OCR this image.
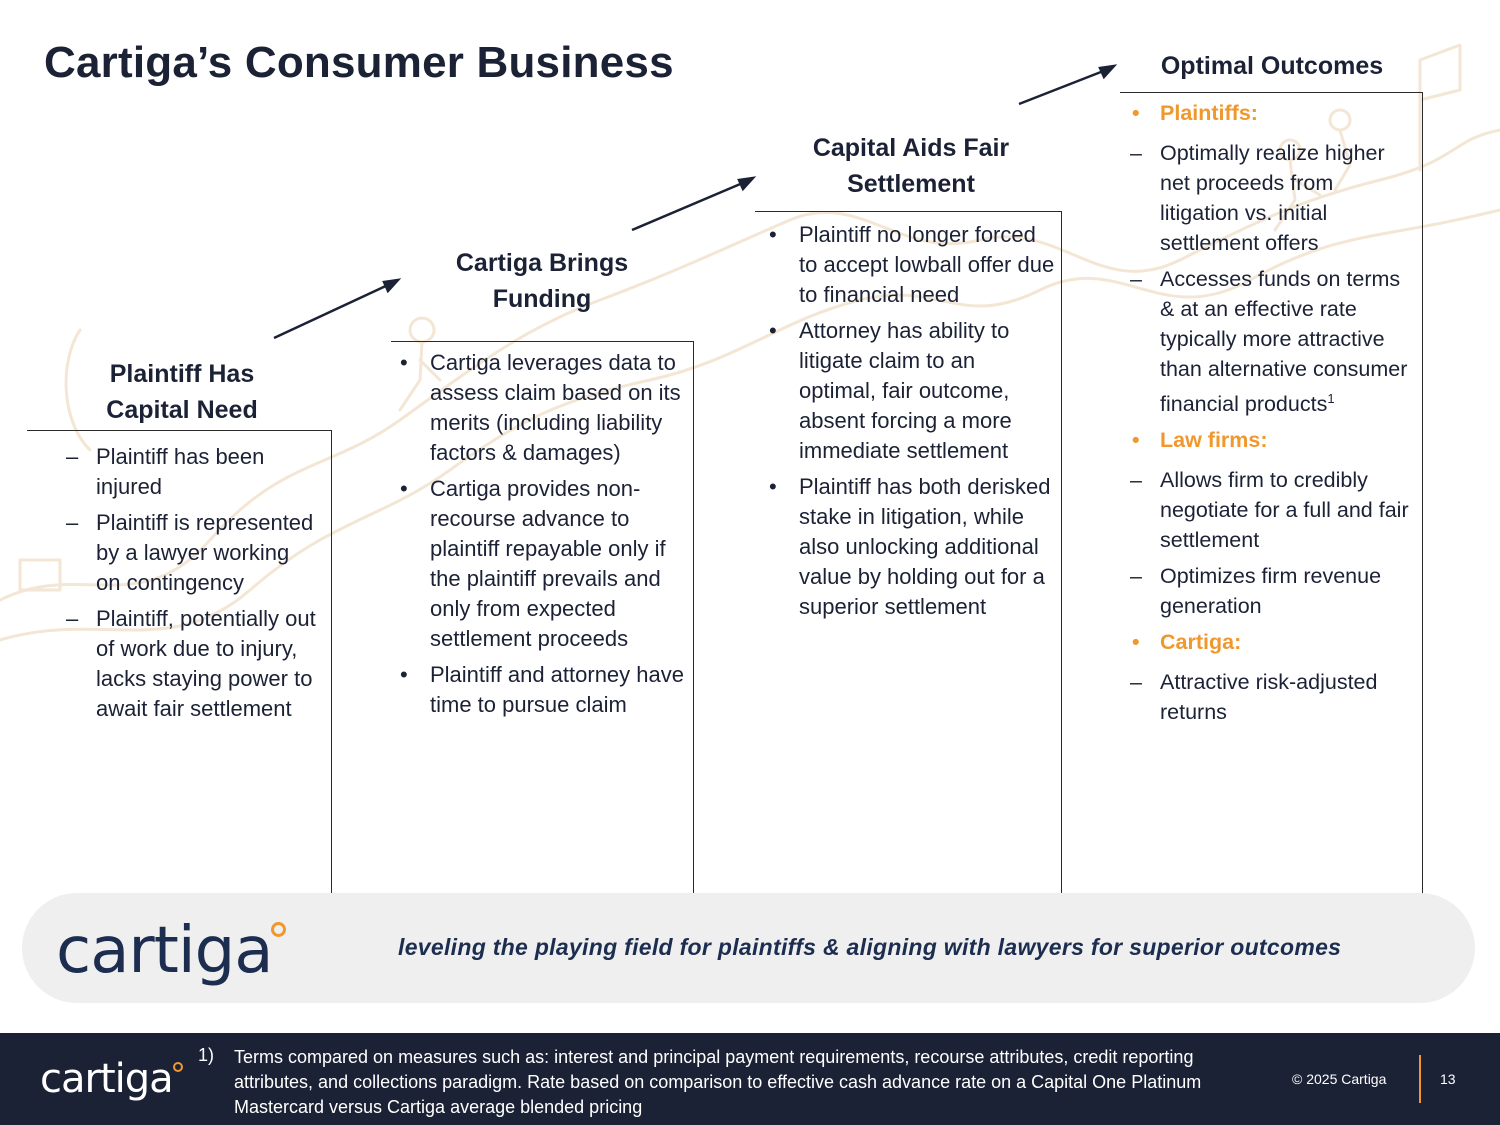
Cartiga’s Consumer Business
Plaintiff Has
Capital Need
– Plaintiff has been injured
– Plaintiff is represented by a lawyer working on contingency
– Plaintiff, potentially out of work due to injury, lacks staying power to await fair settlement
Cartiga Brings
Funding
• Cartiga leverages data to assess claim based on its merits (including liability factors & damages)
• Cartiga provides non-recourse advance to plaintiff repayable only if the plaintiff prevails and only from expected settlement proceeds
• Plaintiff and attorney have time to pursue claim
Capital Aids Fair
Settlement
• Plaintiff no longer forced to accept lowball offer due to financial need
• Attorney has ability to litigate claim to an optimal, fair outcome, absent forcing a more immediate settlement
• Plaintiff has both derisked stake in litigation, while also unlocking additional value by holding out for a superior settlement
Optimal Outcomes
• Plaintiffs:
– Optimally realize higher net proceeds from litigation vs. initial settlement offers
– Accesses funds on terms & at an effective rate typically more attractive than alternative consumer financial products$^1$
• Law firms:
– Allows firm to credibly negotiate for a full and fair settlement
– Optimizes firm revenue generation
• Cartiga:
– Attractive risk-adjusted returns
cartiga	leveling the playing field for plaintiffs & aligning with lawyers for superior outcomes
cartiga
1) Terms compared on measures such as: interest and principal payment requirements, recourse attributes, credit reporting attributes, and collections paradigm. Rate based on comparison to effective cash advance rate on a Capital One Platinum Mastercard versus Cartiga average blended pricing
© 2025 Cartiga	13
